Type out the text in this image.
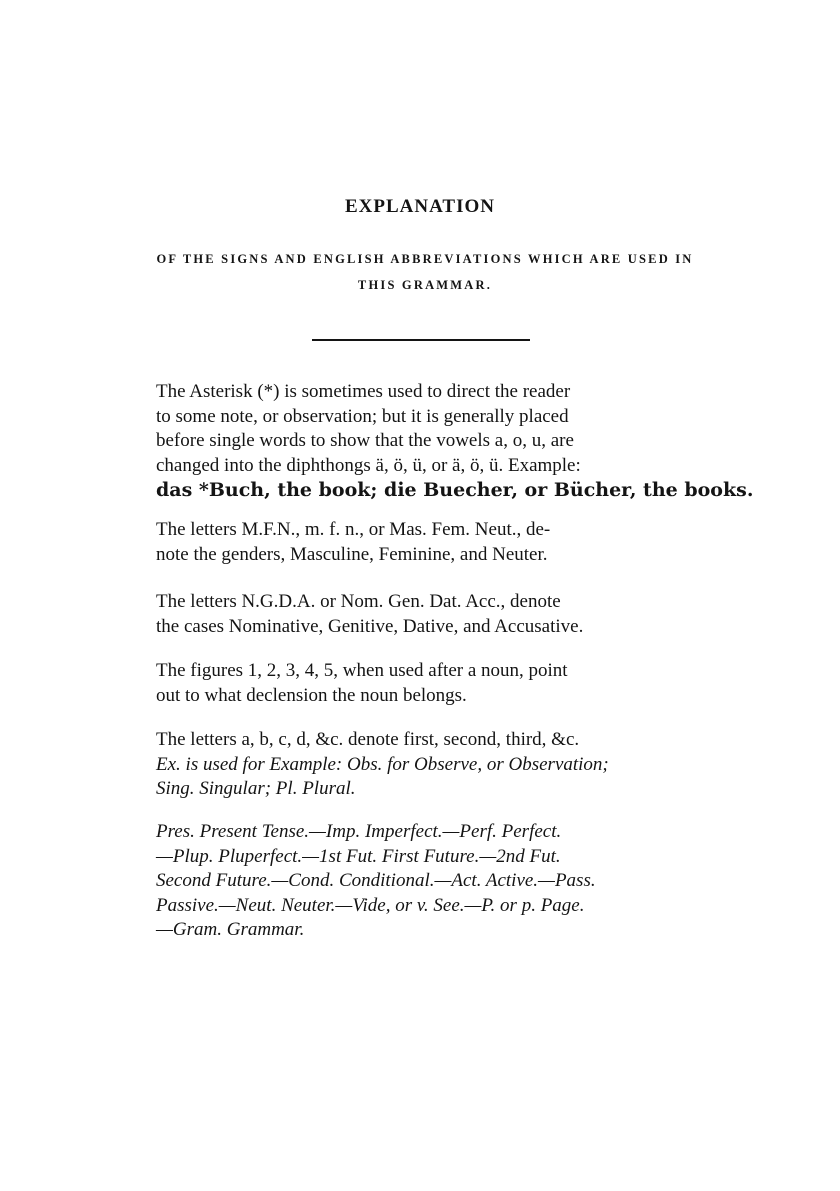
EXPLANATION
OF THE SIGNS AND ENGLISH ABBREVIATIONS WHICH ARE USED IN THIS GRAMMAR.
The Asterisk (*) is sometimes used to direct the reader
to some note, or observation; but it is generally placed
before single words to show that the vowels a, o, u, are
changed into the diphthongs ä, ö, ü, or ä, ö, ü. Example:
das *Buch, the book; die Buecher, or Bücher, the books.
The letters M.F.N., m. f. n., or Mas. Fem. Neut., de-
note the genders, Masculine, Feminine, and Neuter.
The letters N.G.D.A. or Nom. Gen. Dat. Acc., denote
the cases Nominative, Genitive, Dative, and Accusative.
The figures 1, 2, 3, 4, 5, when used after a noun, point
out to what declension the noun belongs.
The letters a, b, c, d, &c. denote first, second, third, &c.
Ex. is used for Example: Obs. for Observe, or Observation;
Sing. Singular; Pl. Plural.
Pres. Present Tense.—Imp. Imperfect.—Perf. Perfect.
—Plup. Pluperfect.—1st Fut. First Future.—2nd Fut.
Second Future.—Cond. Conditional.—Act. Active.—Pass.
Passive.—Neut. Neuter.—Vide, or v. See.—P. or p. Page.
—Gram. Grammar.
